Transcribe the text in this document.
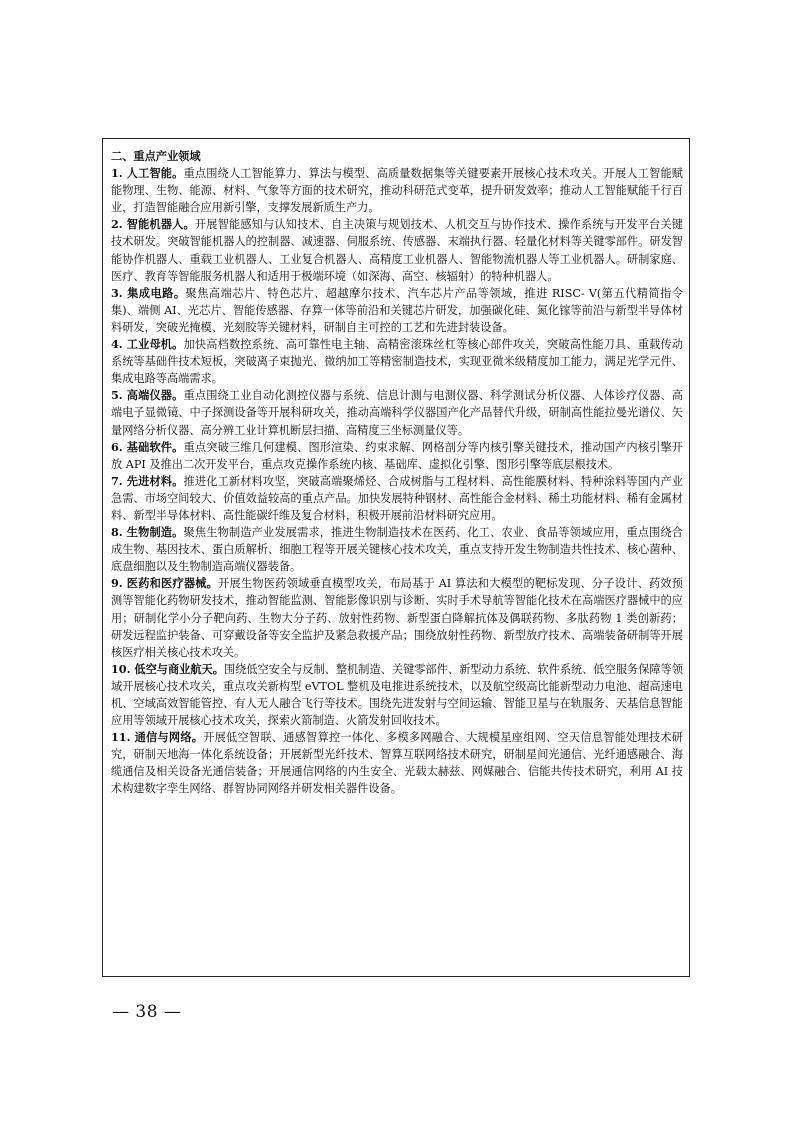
二、重点产业领域

1. 人工智能。重点围绕人工智能算力、算法与模型、高质量数据集等关键要素开展核心技术攻关。开展人工智能赋能物理、生物、能源、材料、气象等方面的技术研究，推动科研范式变革，提升研发效率；推动人工智能赋能千行百业，打造智能融合应用新引擎，支撑发展新质生产力。

2. 智能机器人。开展智能感知与认知技术、自主决策与规划技术、人机交互与协作技术、操作系统与开发平台关键技术研发。突破智能机器人的控制器、减速器、伺服系统、传感器、末端执行器、轻量化材料等关键零部件。研发智能协作机器人、重载工业机器人、工业复合机器人、高精度工业机器人、智能物流机器人等工业机器人。研制家庭、医疗、教育等智能服务机器人和适用于极端环境（如深海、高空、核辐射）的特种机器人。

3. 集成电路。聚焦高端芯片、特色芯片、超越摩尔技术、汽车芯片产品等领域，推进 RISC- V(第五代精简指令集)、端侧 AI、光芯片、智能传感器、存算一体等前沿和关键芯片研发，加强碳化硅、氮化镓等前沿与新型半导体材料研发，突破光掩模、光刻胶等关键材料，研制自主可控的工艺和先进封装设备。

4. 工业母机。加快高档数控系统、高可靠性电主轴、高精密滚珠丝杠等核心部件攻关，突破高性能刀具、重载传动系统等基础件技术短板，突破离子束抛光、微纳加工等精密制造技术，实现亚微米级精度加工能力，满足光学元件、集成电路等高端需求。

5. 高端仪器。重点围绕工业自动化测控仪器与系统、信息计测与电测仪器、科学测试分析仪器、人体诊疗仪器、高端电子显微镜、中子探测设备等开展科研攻关，推动高端科学仪器国产化产品替代升级，研制高性能拉曼光谱仪、矢量网络分析仪器、高分辨工业计算机断层扫描、高精度三坐标测量仪等。

6. 基础软件。重点突破三维几何建模、图形渲染、约束求解、网格剖分等内核引擎关键技术，推动国产内核引擎开放 API 及推出二次开发平台，重点攻克操作系统内核、基础库、虚拟化引擎、图形引擎等底层根技术。

7. 先进材料。推进化工新材料攻坚，突破高端聚烯烃、合成树脂与工程材料、高性能膜材料、特种涂料等国内产业急需、市场空间较大、价值效益较高的重点产品。加快发展特种钢材、高性能合金材料、稀土功能材料、稀有金属材料、新型半导体材料、高性能碳纤维及复合材料，积极开展前沿材料研究应用。

8. 生物制造。聚焦生物制造产业发展需求，推进生物制造技术在医药、化工、农业、食品等领域应用，重点围绕合成生物、基因技术、蛋白质解析、细胞工程等开展关键核心技术攻关，重点支持开发生物制造共性技术、核心菌种、底盘细胞以及生物制造高端仪器装备。

9. 医药和医疗器械。开展生物医药领域垂直模型攻关，布局基于 AI 算法和大模型的靶标发现、分子设计、药效预测等智能化药物研发技术，推动智能监测、智能影像识别与诊断、实时手术导航等智能化技术在高端医疗器械中的应用；研制化学小分子靶向药、生物大分子药、放射性药物、新型蛋白降解抗体及偶联药物、多肽药物 1 类创新药；研发远程监护装备、可穿戴设备等安全监护及紧急救援产品；围绕放射性药物、新型放疗技术、高端装备研制等开展核医疗相关核心技术攻关。

10. 低空与商业航天。围绕低空安全与反制、整机制造、关键零部件、新型动力系统、软件系统、低空服务保障等领域开展核心技术攻关，重点攻关新构型 eVTOL 整机及电推进系统技术，以及航空级高比能新型动力电池、超高速电机、空域高效智能管控、有人无人融合飞行等技术。围绕先进发射与空间运输、智能卫星与在轨服务、天基信息智能应用等领域开展核心技术攻关，探索火箭制造、火箭发射回收技术。

11. 通信与网络。开展低空智联、通感智算控一体化、多模多网融合、大规模星座组网、空天信息智能处理技术研究，研制天地海一体化系统设备；开展新型光纤技术、智算互联网络技术研究，研制星间光通信、光纤通感融合、海缆通信及相关设备光通信装备；开展通信网络的内生安全、光载太赫兹、网媒融合、信能共传技术研究，利用 AI 技术构建数字孪生网络、群智协同网络并研发相关器件设备。

— 38 —
